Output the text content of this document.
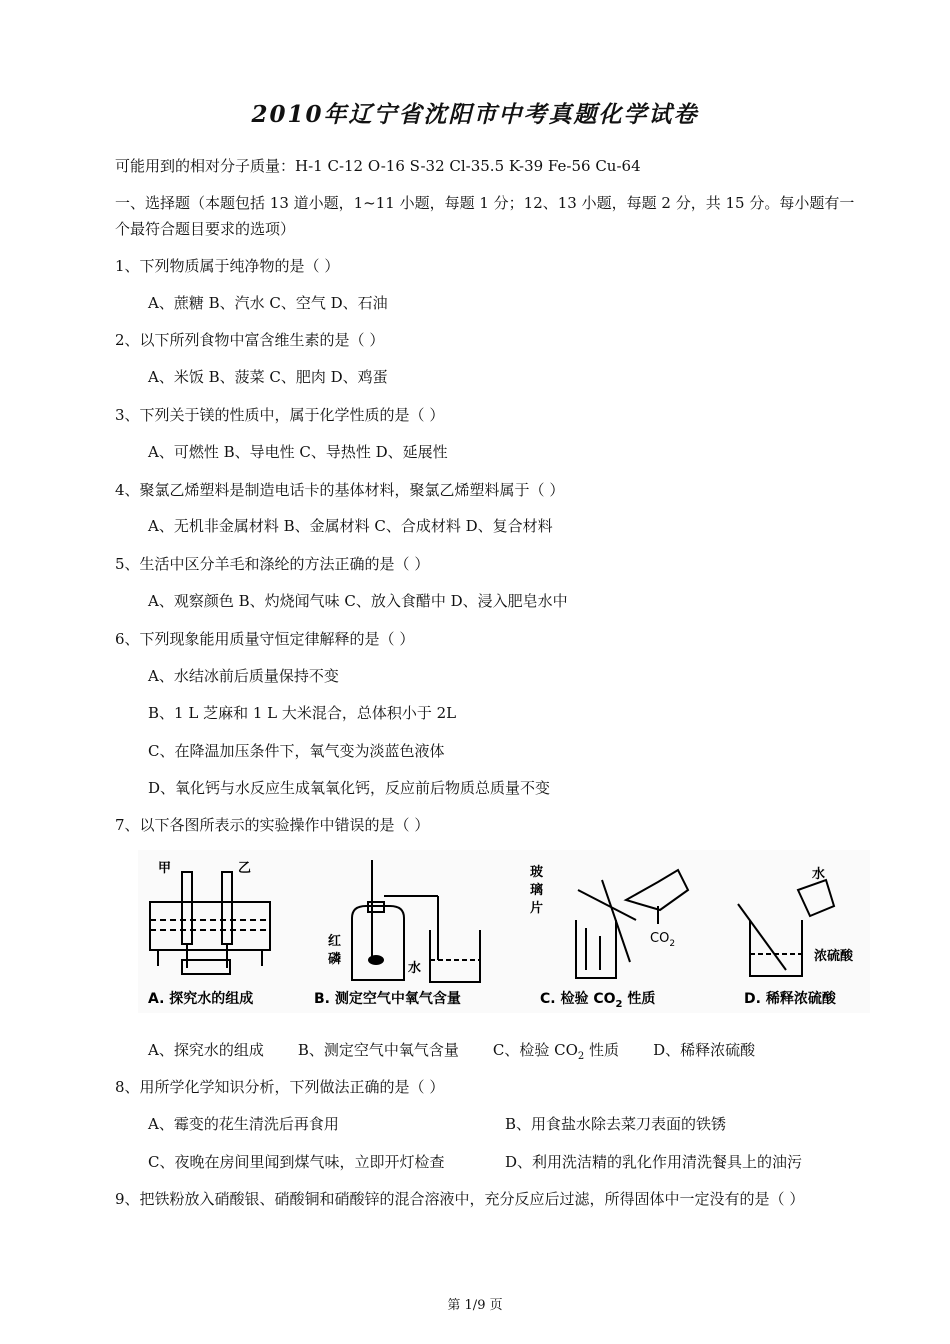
2010年辽宁省沈阳市中考真题化学试卷
可能用到的相对分子质量：H-1 C-12 O-16 S-32 Cl-35.5 K-39 Fe-56 Cu-64
一、选择题（本题包括 13 道小题，1~11 小题，每题 1 分；12、13 小题，每题 2 分，共 15 分。每小题有一个最符合题目要求的选项）
1、下列物质属于纯净物的是（ ）
A、蔗糖 B、汽水 C、空气 D、石油
2、以下所列食物中富含维生素的是（ ）
A、米饭 B、菠菜 C、肥肉 D、鸡蛋
3、下列关于镁的性质中，属于化学性质的是（ ）
A、可燃性 B、导电性 C、导热性 D、延展性
4、聚氯乙烯塑料是制造电话卡的基体材料，聚氯乙烯塑料属于（ ）
A、无机非金属材料 B、金属材料 C、合成材料 D、复合材料
5、生活中区分羊毛和涤纶的方法正确的是（ ）
A、观察颜色 B、灼烧闻气味 C、放入食醋中 D、浸入肥皂水中
6、下列现象能用质量守恒定律解释的是（ ）
A、水结冰前后质量保持不变
B、1 L 芝麻和 1 L 大米混合，总体积小于 2L
C、在降温加压条件下，氧气变为淡蓝色液体
D、氧化钙与水反应生成氧氧化钙，反应前后物质总质量不变
7、以下各图所表示的实验操作中错误的是（ ）
甲	乙
A. 探究水的组成
红
磷
水
B. 测定空气中氧气含量
玻
璃
片
$CO_2$
C. 检验 $CO_2$ 性质
水
浓硫酸
D. 稀释浓硫酸
A、探究水的组成 B、测定空气中氧气含量 C、检验 $CO_2$ 性质 D、稀释浓硫酸
8、用所学化学知识分析，下列做法正确的是（ ）
A、霉变的花生清洗后再食用	B、用食盐水除去菜刀表面的铁锈
C、夜晚在房间里闻到煤气味，立即开灯检查	D、利用洗洁精的乳化作用清洗餐具上的油污
9、把铁粉放入硝酸银、硝酸铜和硝酸锌的混合溶液中，充分反应后过滤，所得固体中一定没有的是（ ）
第 1/9 页
